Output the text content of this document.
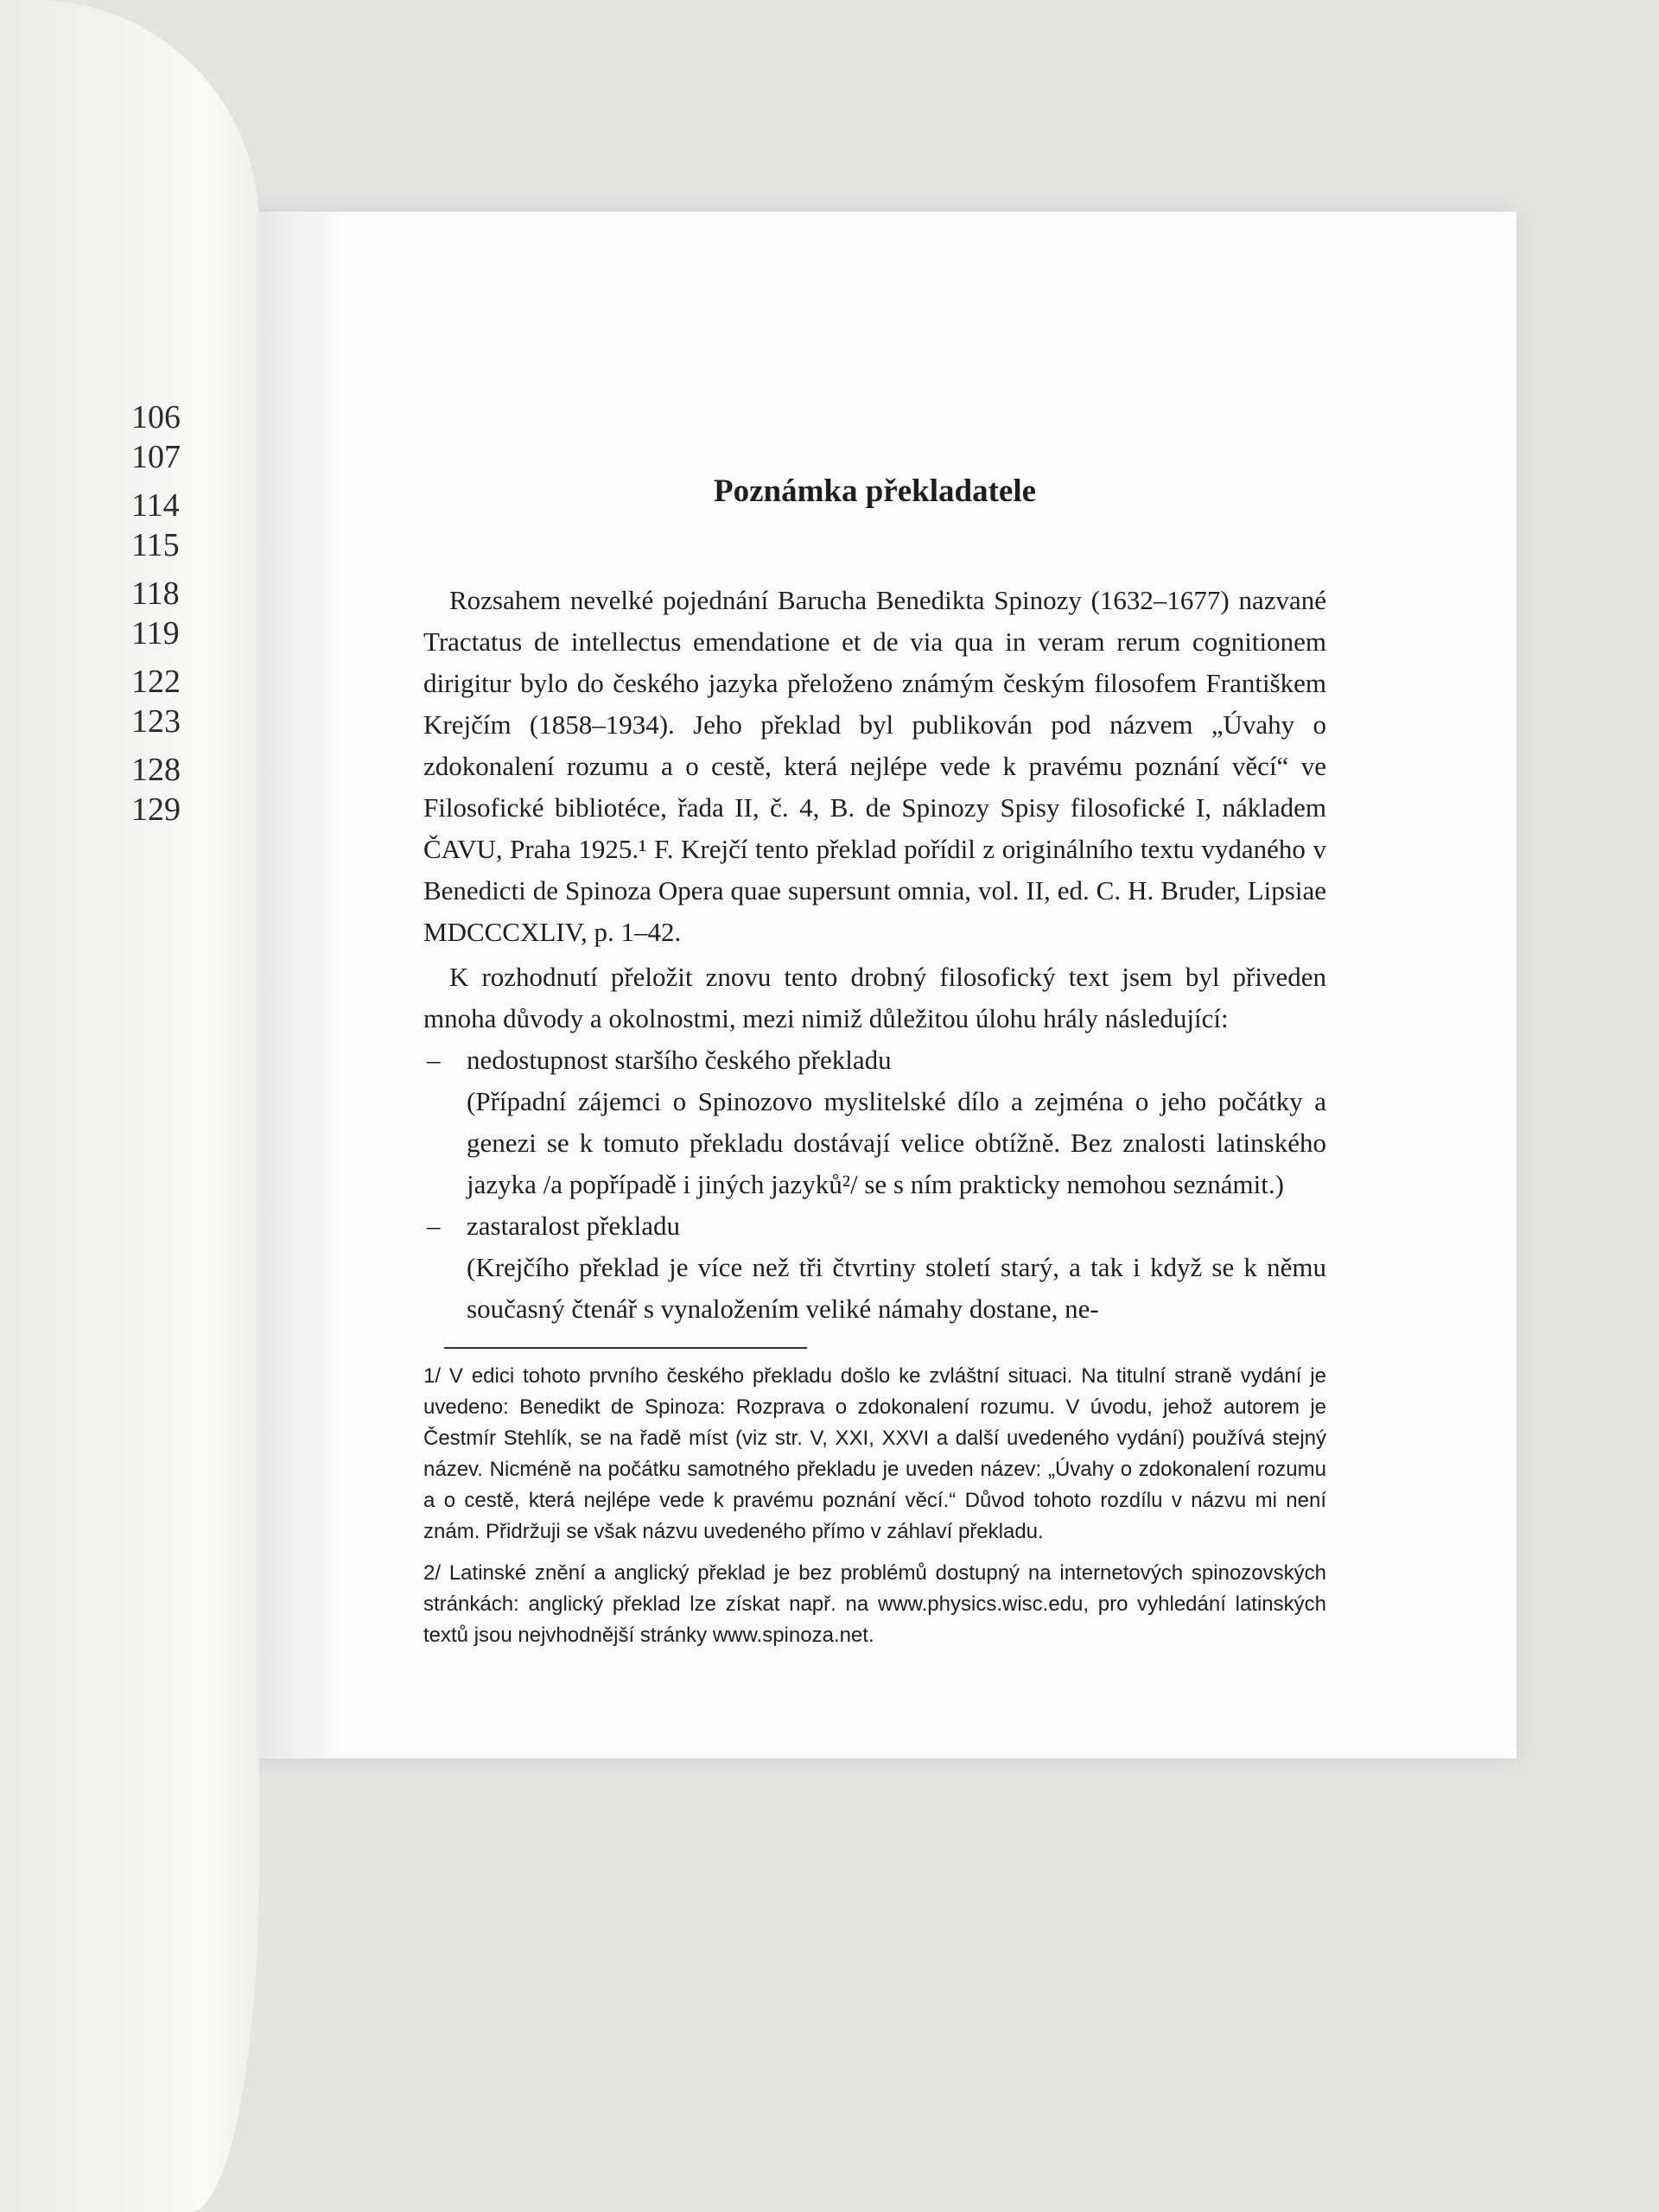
106
107
114
115
118
119
122
123
128
129
Poznámka překladatele

Rozsahem nevelké pojednání Barucha Benedikta Spinozy (1632–1677) nazvané Tractatus de intellectus emendatione et de via qua in veram rerum cognitionem dirigitur bylo do českého jazyka přeloženo známým českým filosofem Františkem Krejčím (1858–1934). Jeho překlad byl publikován pod názvem „Úvahy o zdokonalení rozumu a o cestě, která nejlépe vede k pravému poznání věcí“ ve Filosofické bibliotéce, řada II, č. 4, B. de Spinozy Spisy filosofické I, nákladem ČAVU, Praha 1925.¹ F. Krejčí tento překlad pořídil z originálního textu vydaného v Benedicti de Spinoza Opera quae supersunt omnia, vol. II, ed. C. H. Bruder, Lipsiae MDCCCXLIV, p. 1–42.

K rozhodnutí přeložit znovu tento drobný filosofický text jsem byl přiveden mnoha důvody a okolnostmi, mezi nimiž důležitou úlohu hrály následující:

– nedostupnost staršího českého překladu
(Případní zájemci o Spinozovo myslitelské dílo a zejména o jeho počátky a genezi se k tomuto překladu dostávají velice obtížně. Bez znalosti latinského jazyka /a popřípadě i jiných jazyků²/ se s ním prakticky nemohou seznámit.)
– zastaralost překladu
(Krejčího překlad je více než tři čtvrtiny století starý, a tak i když se k němu současný čtenář s vynaložením veliké námahy dostane, ne-

1/ V edici tohoto prvního českého překladu došlo ke zvláštní situaci. Na titulní straně vydání je uvedeno: Benedikt de Spinoza: Rozprava o zdokonalení rozumu. V úvodu, jehož autorem je Čestmír Stehlík, se na řadě míst (viz str. V, XXI, XXVI a další uvedeného vydání) používá stejný název. Nicméně na počátku samotného překladu je uveden název: „Úvahy o zdokonalení rozumu a o cestě, která nejlépe vede k pravému poznání věcí.“ Důvod tohoto rozdílu v názvu mi není znám. Přidržuji se však názvu uvedeného přímo v záhlaví překladu.

2/ Latinské znění a anglický překlad je bez problémů dostupný na internetových spinozovských stránkách: anglický překlad lze získat např. na www.physics.wisc.edu, pro vyhledání latinských textů jsou nejvhodnější stránky www.spinoza.net.
